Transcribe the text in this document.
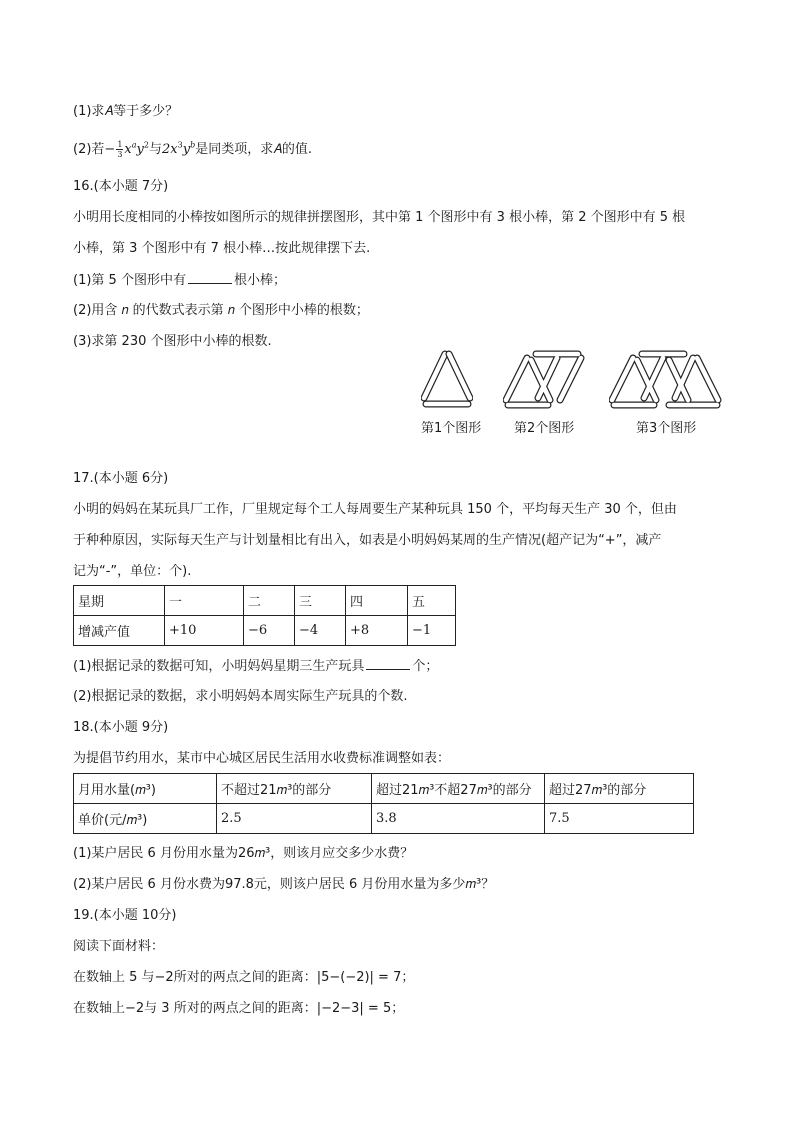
(1)求𝐴等于多少？
(2)若− $\frac{1}{3} x^ay^2$与$2x^3y^b$是同类项，求𝐴的值.
16.(本小题 7分)
小明用长度相同的小棒按如图所示的规律拼摆图形，其中第 1 个图形中有 3 根小棒，第 2 个图形中有 5 根
小棒，第 3 个图形中有 7 根小棒…按此规律摆下去.
(1)第 5 个图形中有	根小棒；
(2)用含 𝑛 的代数式表示第 𝑛 个图形中小棒的根数；
(3)求第 230 个图形中小棒的根数.
第1个图形	第2个图形	第3个图形
17.(本小题 6分)
小明的妈妈在某玩具厂工作，厂里规定每个工人每周要生产某种玩具 150 个，平均每天生产 30 个，但由
于种种原因，实际每天生产与计划量相比有出入，如表是小明妈妈某周的生产情况(超产记为“+”，减产
记为“-”，单位：个).
星期	一	二	三	四	五
增减产值	+10	−6	−4	+8	−1
(1)根据记录的数据可知，小明妈妈星期三生产玩具	个；
(2)根据记录的数据，求小明妈妈本周实际生产玩具的个数.
18.(本小题 9分)
为提倡节约用水，某市中心城区居民生活用水收费标准调整如表：
月用水量(𝑚³)	不超过21𝑚³的部分	超过21𝑚³不超27𝑚³的部分	超过27𝑚³的部分
单价(元/𝑚³)	2.5	3.8	7.5
(1)某户居民 6 月份用水量为26𝑚³，则该月应交多少水费？
(2)某户居民 6 月份水费为97.8元，则该户居民 6 月份用水量为多少𝑚³？
19.(本小题 10分)
阅读下面材料：
在数轴上 5 与−2所对的两点之间的距离：|5−(−2)| = 7；
在数轴上−2与 3 所对的两点之间的距离：|−2−3| = 5；
